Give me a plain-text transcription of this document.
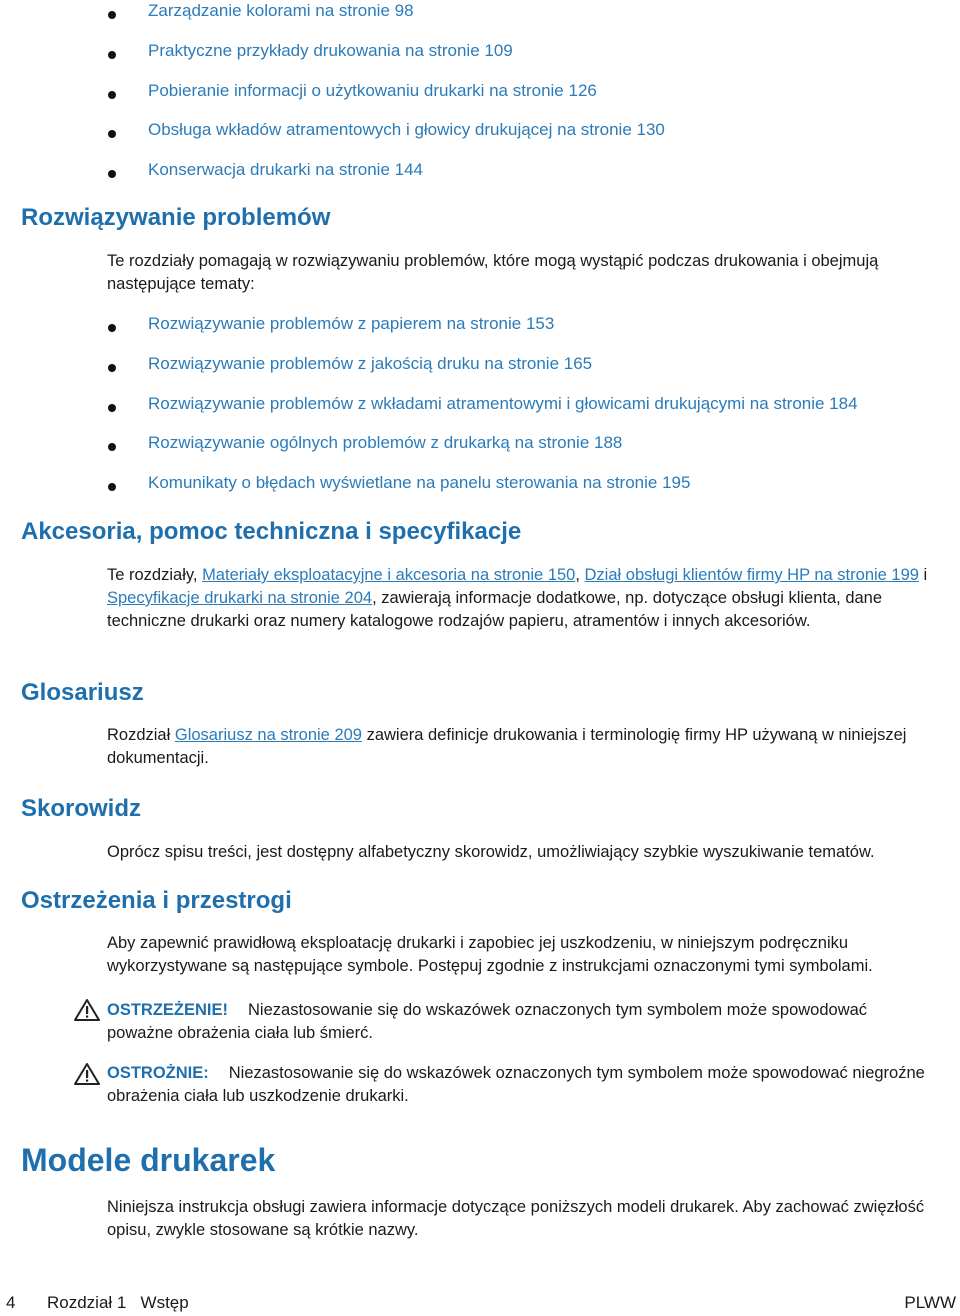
Zarządzanie kolorami na stronie 98
Praktyczne przykłady drukowania na stronie 109
Pobieranie informacji o użytkowaniu drukarki na stronie 126
Obsługa wkładów atramentowych i głowicy drukującej na stronie 130
Konserwacja drukarki na stronie 144
Rozwiązywanie problemów

Te rozdziały pomagają w rozwiązywaniu problemów, które mogą wystąpić podczas drukowania i obejmują następujące tematy:

Rozwiązywanie problemów z papierem na stronie 153
Rozwiązywanie problemów z jakością druku na stronie 165
Rozwiązywanie problemów z wkładami atramentowymi i głowicami drukującymi na stronie 184
Rozwiązywanie ogólnych problemów z drukarką na stronie 188
Komunikaty o błędach wyświetlane na panelu sterowania na stronie 195
Akcesoria, pomoc techniczna i specyfikacje

Te rozdziały, Materiały eksploatacyjne i akcesoria na stronie 150, Dział obsługi klientów firmy HP na stronie 199 i Specyfikacje drukarki na stronie 204, zawierają informacje dodatkowe, np. dotyczące obsługi klienta, dane techniczne drukarki oraz numery katalogowe rodzajów papieru, atramentów i innych akcesoriów.

Glosariusz

Rozdział Glosariusz na stronie 209 zawiera definicje drukowania i terminologię firmy HP używaną w niniejszej dokumentacji.

Skorowidz

Oprócz spisu treści, jest dostępny alfabetyczny skorowidz, umożliwiający szybkie wyszukiwanie tematów.

Ostrzeżenia i przestrogi

Aby zapewnić prawidłową eksploatację drukarki i zapobiec jej uszkodzeniu, w niniejszym podręczniku wykorzystywane są następujące symbole. Postępuj zgodnie z instrukcjami oznaczonymi tymi symbolami.

OSTRZEŻENIE! Niezastosowanie się do wskazówek oznaczonych tym symbolem może spowodować poważne obrażenia ciała lub śmierć.

OSTROŻNIE: Niezastosowanie się do wskazówek oznaczonych tym symbolem może spowodować niegroźne obrażenia ciała lub uszkodzenie drukarki.

Modele drukarek

Niniejsza instrukcja obsługi zawiera informacje dotyczące poniższych modeli drukarek. Aby zachować zwięzłość opisu, zwykle stosowane są krótkie nazwy.

4 Rozdział 1   Wstęp	PLWW
